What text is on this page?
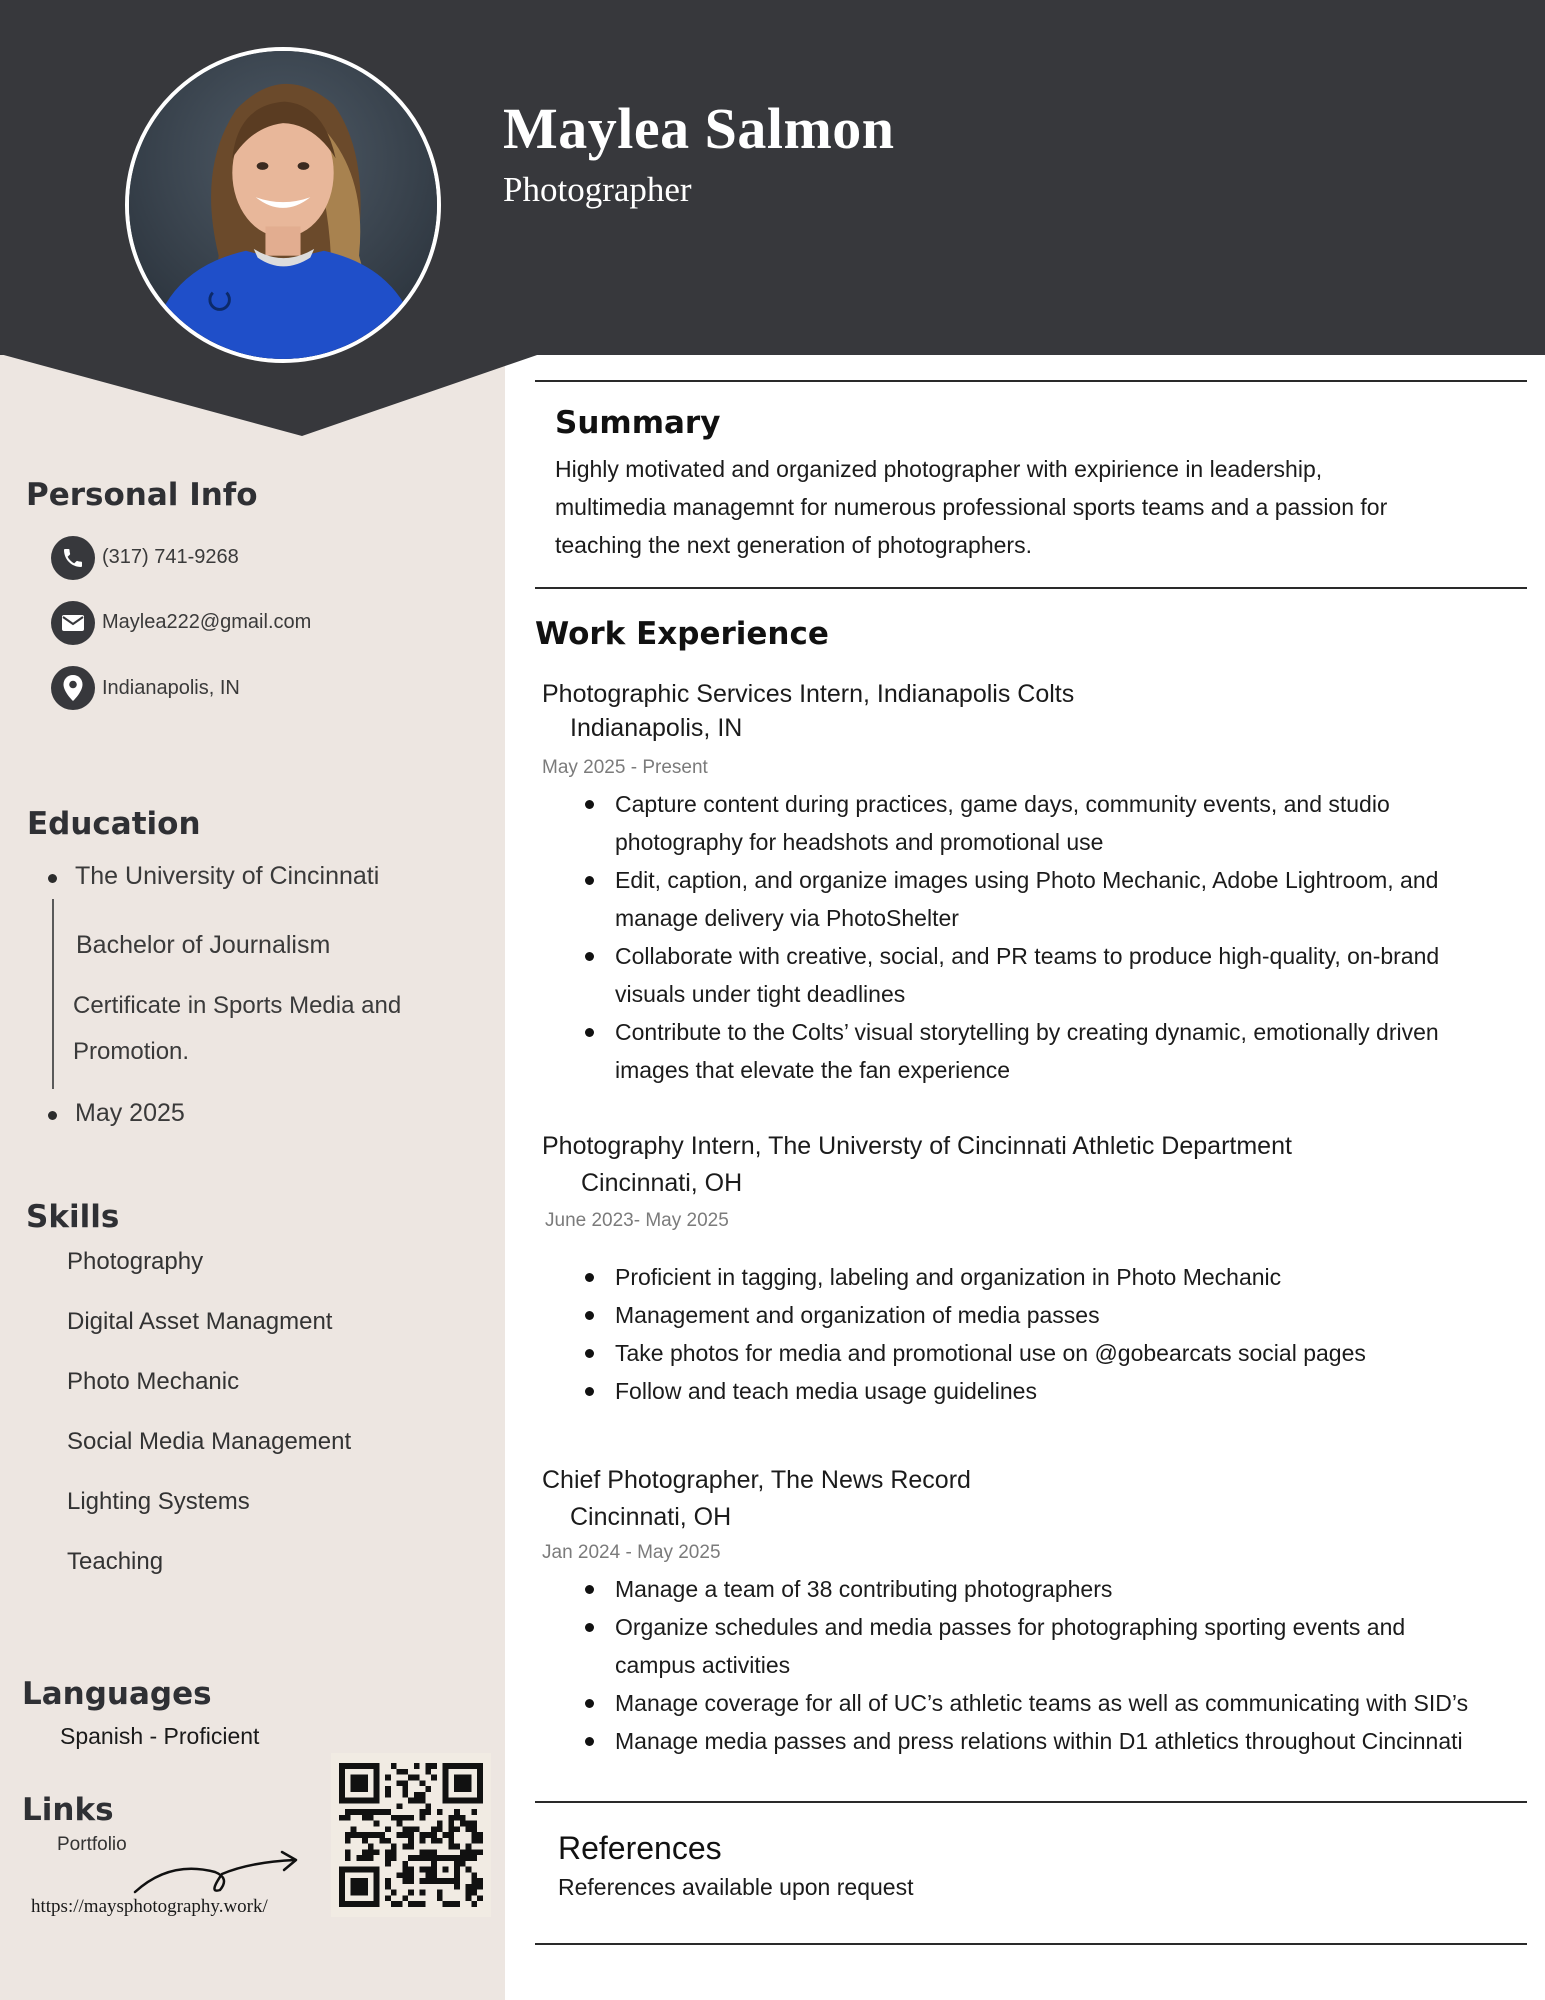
Maylea Salmon
Photographer
Personal Info
(317) 741-9268
Maylea222@gmail.com
Indianapolis, IN
Education
The University of Cincinnati
Bachelor of Journalism
Certificate in Sports Media and
Promotion.
May 2025
Skills
Photography
Digital Asset Managment
Photo Mechanic
Social Media Management
Lighting Systems
Teaching
Languages
Spanish - Proficient
Links
Portfolio
https://maysphotography.work/
Summary
Highly motivated and organized photographer with expirience in leadership,
multimedia managemnt for numerous professional sports teams and a passion for
teaching the next generation of photographers.
Work Experience
Photographic Services Intern, Indianapolis Colts
Indianapolis, IN
May 2025 - Present
Capture content during practices, game days, community events, and studio
photography for headshots and promotional use
Edit, caption, and organize images using Photo Mechanic, Adobe Lightroom, and
manage delivery via PhotoShelter
Collaborate with creative, social, and PR teams to produce high-quality, on-brand
visuals under tight deadlines
Contribute to the Colts’ visual storytelling by creating dynamic, emotionally driven
images that elevate the fan experience
Photography Intern, The Universty of Cincinnati Athletic Department
Cincinnati, OH
June 2023- May 2025
Proficient in tagging, labeling and organization in Photo Mechanic
Management and organization of media passes
Take photos for media and promotional use on @gobearcats social pages
Follow and teach media usage guidelines
Chief Photographer, The News Record
Cincinnati, OH
Jan 2024 - May 2025
Manage a team of 38 contributing photographers
Organize schedules and media passes for photographing sporting events and
campus activities
Manage coverage for all of UC’s athletic teams as well as communicating with SID’s
Manage media passes and press relations within D1 athletics throughout Cincinnati
References
References available upon request
